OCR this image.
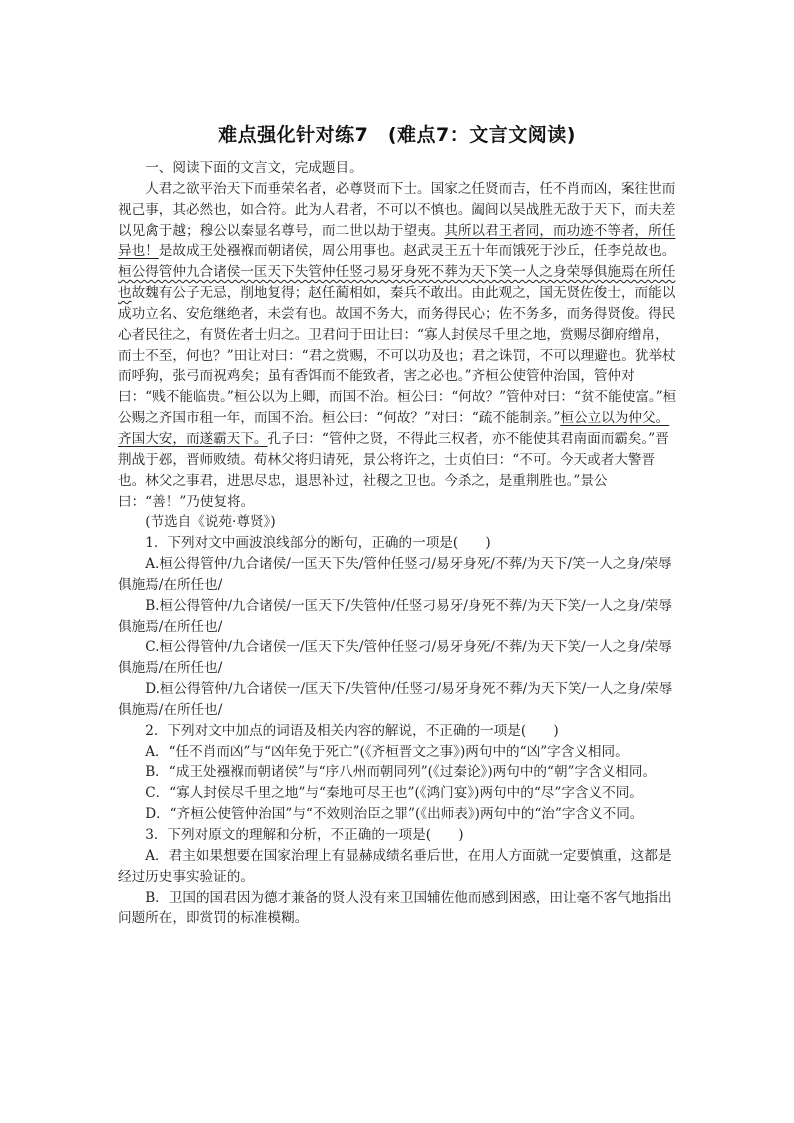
难点强化针对练7　(难点7：文言文阅读)

一、阅读下面的文言文，完成题目。

人君之欲平治天下而垂荣名者，必尊贤而下士。国家之任贤而吉，任不肖而凶，案往世而视己事，其必然也，如合符。此为人君者，不可以不慎也。阖闾以吴战胜无敌于天下，而夫差以见禽于越；穆公以秦显名尊号，而二世以劫于望夷。其所以君王者同，而功迹不等者，所任异也！是故成王处襁褓而朝诸侯，周公用事也。赵武灵王五十年而饿死于沙丘，任李兑故也。桓公得管仲九合诸侯一匡天下失管仲任竖刁易牙身死不葬为天下笑一人之身荣辱俱施焉在所任也故魏有公子无忌，削地复得；赵任蔺相如，秦兵不敢出。由此观之，国无贤佐俊士，而能以成功立名、安危继绝者，未尝有也。故国不务大，而务得民心；佐不务多，而务得贤俊。得民心者民往之，有贤佐者士归之。卫君问于田让曰：“寡人封侯尽千里之地，赏赐尽御府缯帛，而士不至，何也？”田让对曰：“君之赏赐，不可以功及也；君之诛罚，不可以理避也。犹举杖而呼狗，张弓而祝鸡矣；虽有香饵而不能致者，害之必也。”齐桓公使管仲治国，管仲对曰：“贱不能临贵。”桓公以为上卿，而国不治。桓公曰：“何故？”管仲对曰：“贫不能使富。”桓公赐之齐国市租一年，而国不治。桓公曰：“何故？”对曰：“疏不能制亲。”桓公立以为仲父。齐国大安，而遂霸天下。孔子曰：“管仲之贤，不得此三权者，亦不能使其君南面而霸矣。”晋荆战于邲，晋师败绩。荀林父将归请死，景公将许之，士贞伯曰：“不可。今天或者大警晋也。林父之事君，进思尽忠，退思补过，社稷之卫也。今杀之，是重荆胜也。”景公曰：“善！”乃使复将。

(节选自《说苑·尊贤》)

1．下列对文中画波浪线部分的断句，正确的一项是(　　)

A.桓公得管仲/九合诸侯/一匡天下失/管仲任竖刁/易牙身死/不葬/为天下/笑一人之身/荣辱俱施焉/在所任也/

B.桓公得管仲/九合诸侯/一匡天下/失管仲/任竖刁易牙/身死不葬/为天下笑/一人之身/荣辱俱施焉/在所任也/

C.桓公得管仲/九合诸侯一/匡天下失/管仲任竖刁/易牙身死/不葬/为天下笑/一人之身/荣辱俱施焉/在所任也/

D.桓公得管仲/九合诸侯一/匡天下/失管仲/任竖刁/易牙身死不葬/为天下笑/一人之身/荣辱俱施焉/在所任也/

2．下列对文中加点的词语及相关内容的解说，不正确的一项是(　　)

A．“任不肖而凶”与“凶年免于死亡”(《齐桓晋文之事》)两句中的“凶”字含义相同。

B．“成王处襁褓而朝诸侯”与“序八州而朝同列”(《过秦论》)两句中的“朝”字含义相同。

C．“寡人封侯尽千里之地”与“秦地可尽王也”(《鸿门宴》)两句中的“尽”字含义不同。

D．“齐桓公使管仲治国”与“不效则治臣之罪”(《出师表》)两句中的“治”字含义不同。

3．下列对原文的理解和分析，不正确的一项是(　　)

A．君主如果想要在国家治理上有显赫成绩名垂后世，在用人方面就一定要慎重，这都是经过历史事实验证的。

B．卫国的国君因为德才兼备的贤人没有来卫国辅佐他而感到困惑，田让毫不客气地指出问题所在，即赏罚的标准模糊。
